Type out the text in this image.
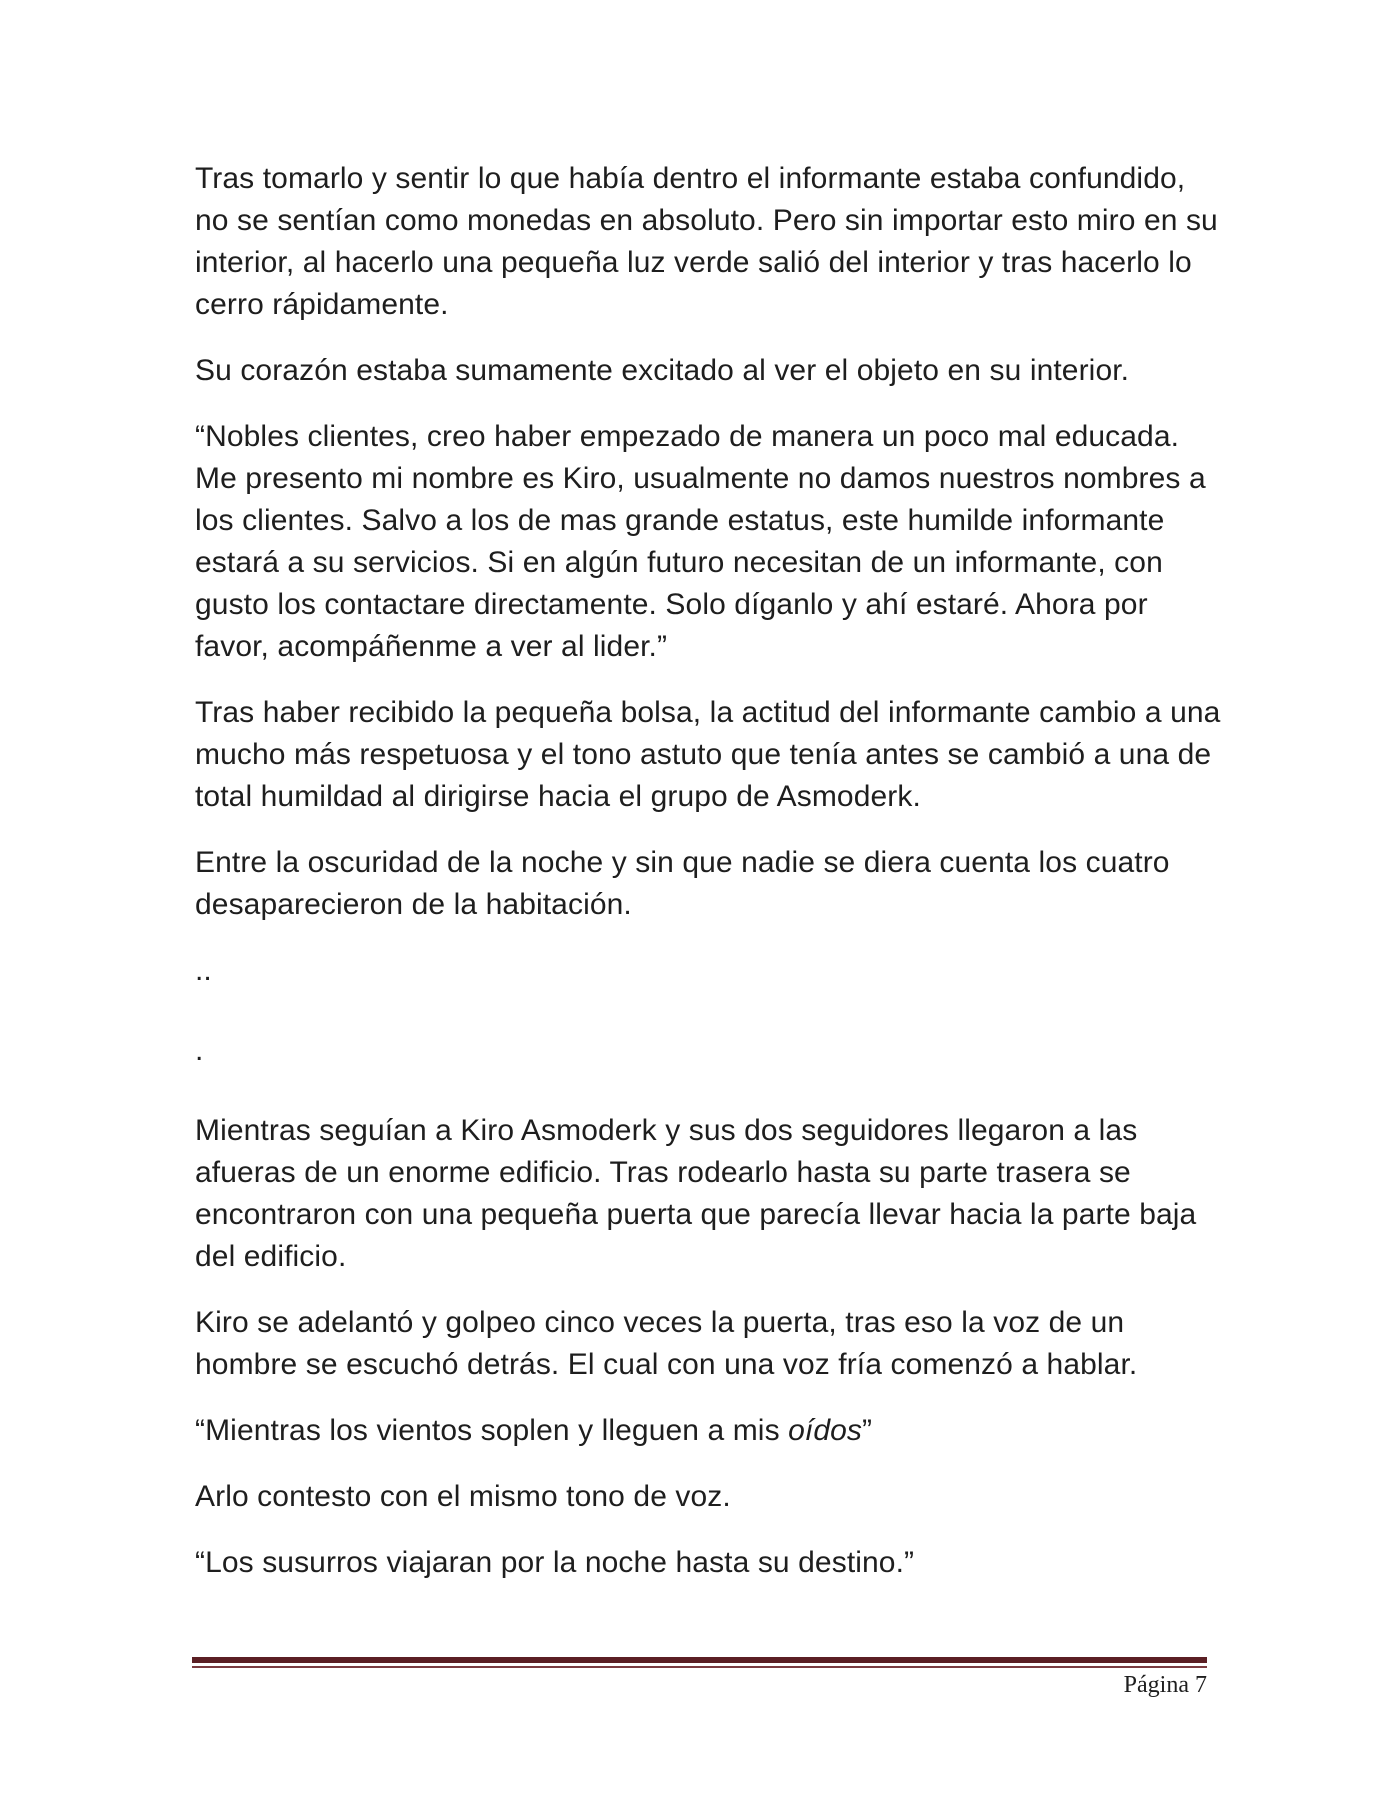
Tras tomarlo y sentir lo que había dentro el informante estaba confundido, no se sentían como monedas en absoluto. Pero sin importar esto miro en su interior, al hacerlo una pequeña luz verde salió del interior y tras hacerlo lo cerro rápidamente.

Su corazón estaba sumamente excitado al ver el objeto en su interior.

“Nobles clientes, creo haber empezado de manera un poco mal educada. Me presento mi nombre es Kiro, usualmente no damos nuestros nombres a los clientes. Salvo a los de mas grande estatus, este humilde informante estará a su servicios. Si en algún futuro necesitan de un informante, con gusto los contactare directamente. Solo díganlo y ahí estaré. Ahora por favor, acompáñenme a ver al lider.”

Tras haber recibido la pequeña bolsa, la actitud del informante cambio a una mucho más respetuosa y el tono astuto que tenía antes se cambió a una de total humildad al dirigirse hacia el grupo de Asmoderk.

Entre la oscuridad de la noche y sin que nadie se diera cuenta los cuatro desaparecieron de la habitación.

..

.

Mientras seguían a Kiro Asmoderk y sus dos seguidores llegaron a las afueras de un enorme edificio. Tras rodearlo hasta su parte trasera se encontraron con una pequeña puerta que parecía llevar hacia la parte baja del edificio.

Kiro se adelantó y golpeo cinco veces la puerta, tras eso la voz de un hombre se escuchó detrás. El cual con una voz fría comenzó a hablar.

“Mientras los vientos soplen y lleguen a mis oídos”

Arlo contesto con el mismo tono de voz.

“Los susurros viajaran por la noche hasta su destino.”

Página 7
